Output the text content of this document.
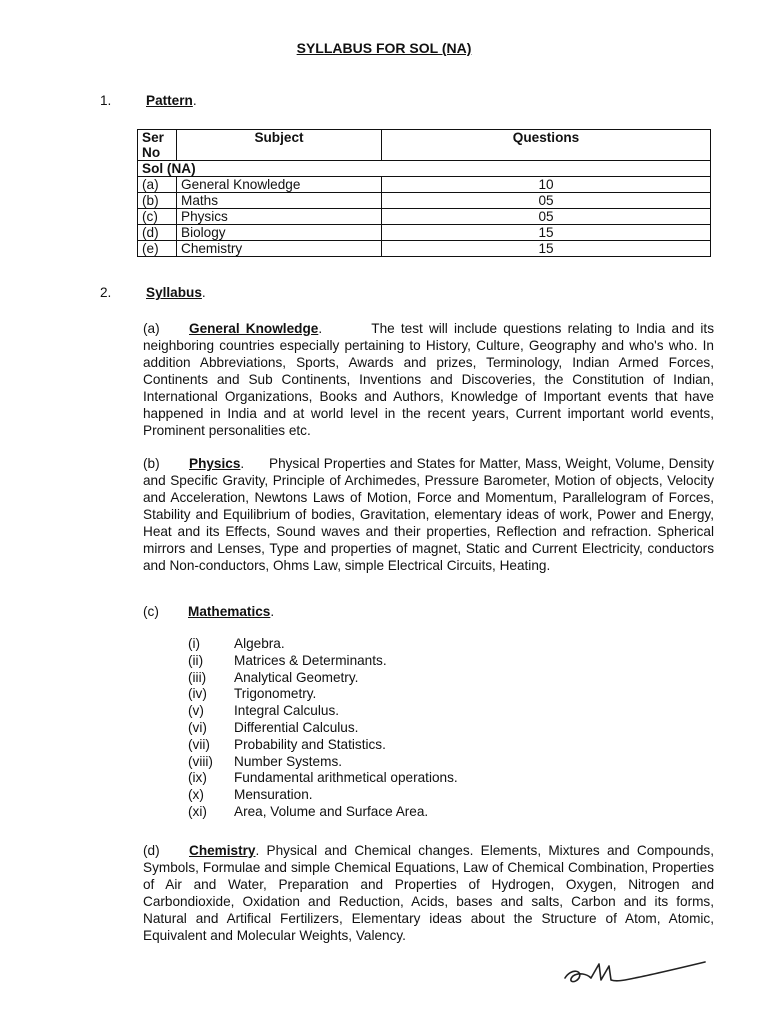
SYLLABUS FOR SOL (NA)
1.	Pattern.
Ser No	Subject	Questions
Sol (NA)		
(a)	General Knowledge	10
(b)	Maths	05
(c)	Physics	05
(d)	Biology	15
(e)	Chemistry	15
2.	Syllabus.

(a) General Knowledge.        The test will include questions relating to India and its neighboring countries especially pertaining to History, Culture, Geography and who's who. In addition Abbreviations, Sports, Awards and prizes, Terminology, Indian Armed Forces, Continents and Sub Continents, Inventions and Discoveries, the Constitution of Indian, International Organizations, Books and Authors, Knowledge of Important events that have happened in India and at world level in the recent years, Current important world events, Prominent personalities etc.

(b) Physics.      Physical Properties and States for Matter, Mass, Weight, Volume, Density and Specific Gravity, Principle of Archimedes, Pressure Barometer, Motion of objects, Velocity and Acceleration, Newtons Laws of Motion, Force and Momentum, Parallelogram of Forces, Stability and Equilibrium of bodies, Gravitation, elementary ideas of work, Power and Energy, Heat and its Effects, Sound waves and their properties, Reflection and refraction. Spherical mirrors and Lenses, Type and properties of magnet, Static and Current Electricity, conductors and Non-conductors, Ohms Law, simple Electrical Circuits, Heating.

(c) Mathematics.
(i) Algebra.
(ii) Matrices & Determinants.
(iii) Analytical Geometry.
(iv) Trigonometry.
(v) Integral Calculus.
(vi) Differential Calculus.
(vii) Probability and Statistics.
(viii) Number Systems.
(ix) Fundamental arithmetical operations.
(x) Mensuration.
(xi) Area, Volume and Surface Area.

(d) Chemistry. Physical and Chemical changes. Elements, Mixtures and Compounds, Symbols, Formulae and simple Chemical Equations, Law of Chemical Combination, Properties of Air and Water, Preparation and Properties of Hydrogen, Oxygen, Nitrogen and Carbondioxide, Oxidation and Reduction, Acids, bases and salts, Carbon and its forms, Natural and Artifical Fertilizers, Elementary ideas about the Structure of Atom, Atomic, Equivalent and Molecular Weights, Valency.
